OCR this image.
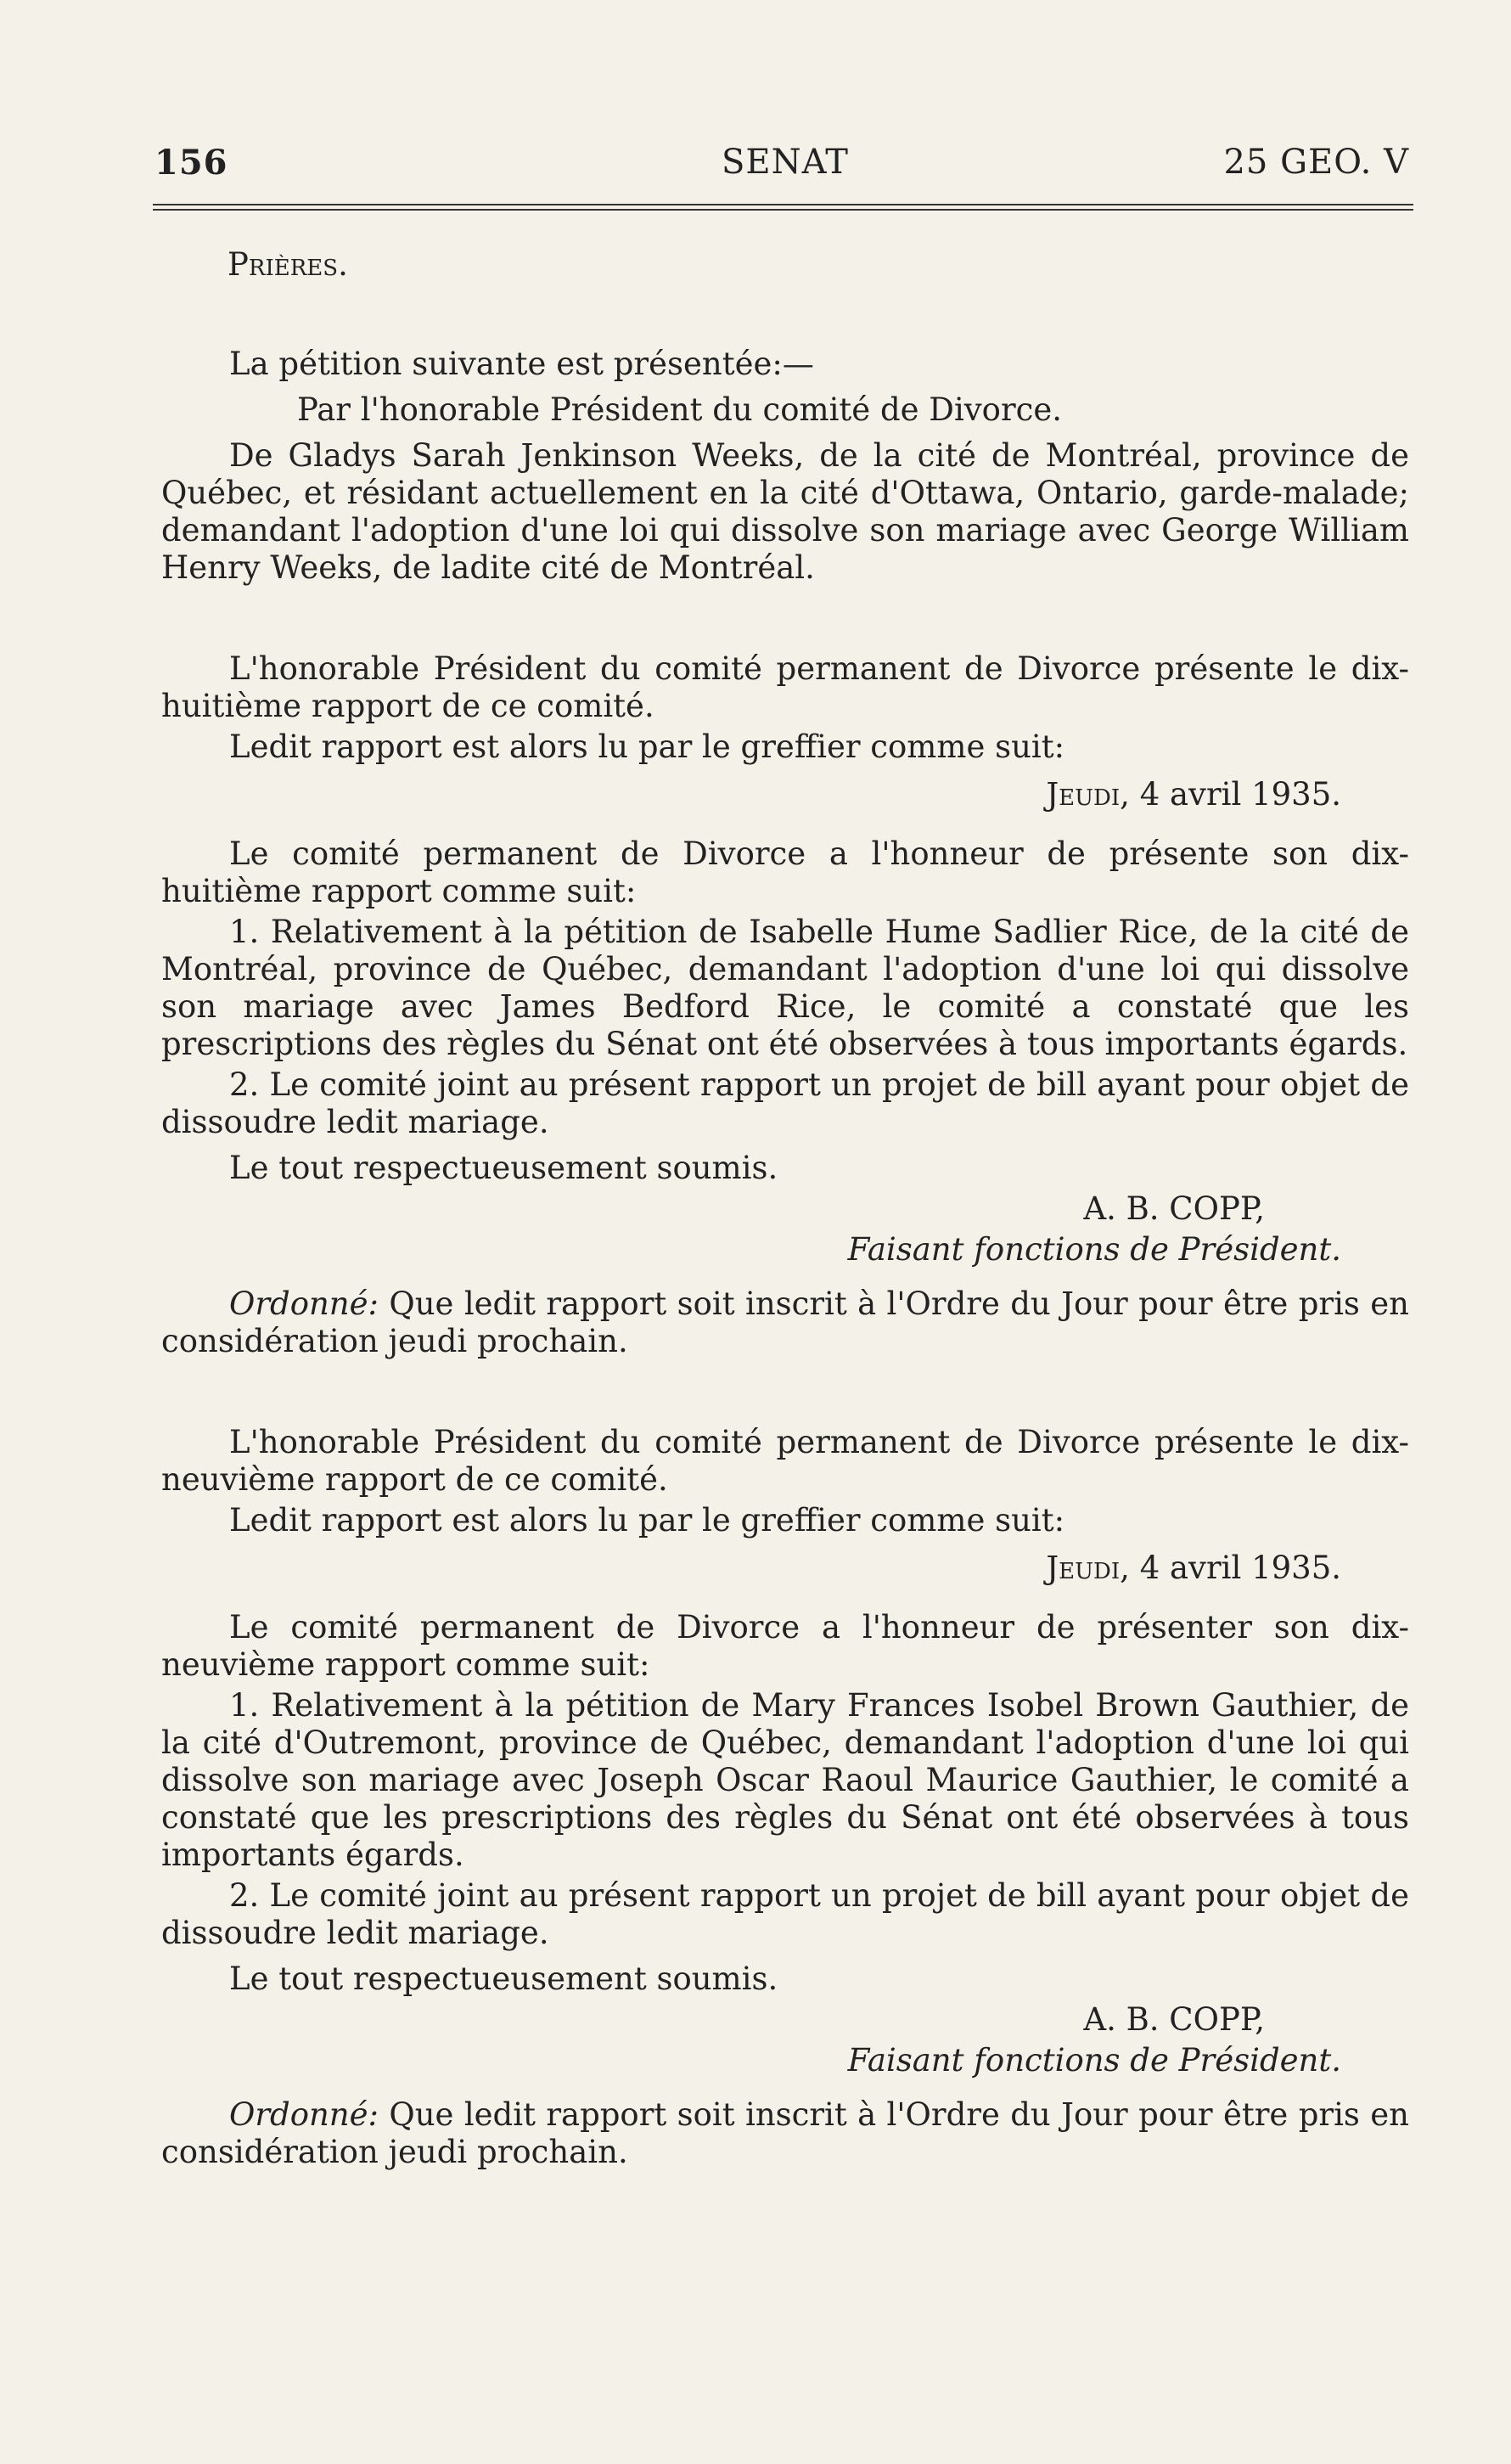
156	SENAT	25 GEO. V

Prières.

La pétition suivante est présentée:—

Par l'honorable Président du comité de Divorce.

De Gladys Sarah Jenkinson Weeks, de la cité de Montréal, province de Québec, et résidant actuellement en la cité d'Ottawa, Ontario, garde-malade; demandant l'adoption d'une loi qui dissolve son mariage avec George William Henry Weeks, de ladite cité de Montréal.

L'honorable Président du comité permanent de Divorce présente le dix-huitième rapport de ce comité.

Ledit rapport est alors lu par le greffier comme suit:

Jeudi, 4 avril 1935.

Le comité permanent de Divorce a l'honneur de présente son dix-huitième rapport comme suit:

1. Relativement à la pétition de Isabelle Hume Sadlier Rice, de la cité de Montréal, province de Québec, demandant l'adoption d'une loi qui dissolve son mariage avec James Bedford Rice, le comité a constaté que les prescriptions des règles du Sénat ont été observées à tous importants égards.

2. Le comité joint au présent rapport un projet de bill ayant pour objet de dissoudre ledit mariage.

Le tout respectueusement soumis.

A. B. COPP,

Faisant fonctions de Président.

Ordonné: Que ledit rapport soit inscrit à l'Ordre du Jour pour être pris en considération jeudi prochain.

L'honorable Président du comité permanent de Divorce présente le dix-neuvième rapport de ce comité.

Ledit rapport est alors lu par le greffier comme suit:

Jeudi, 4 avril 1935.

Le comité permanent de Divorce a l'honneur de présenter son dix-neuvième rapport comme suit:

1. Relativement à la pétition de Mary Frances Isobel Brown Gauthier, de la cité d'Outremont, province de Québec, demandant l'adoption d'une loi qui dissolve son mariage avec Joseph Oscar Raoul Maurice Gauthier, le comité a constaté que les prescriptions des règles du Sénat ont été observées à tous importants égards.

2. Le comité joint au présent rapport un projet de bill ayant pour objet de dissoudre ledit mariage.

Le tout respectueusement soumis.

A. B. COPP,

Faisant fonctions de Président.

Ordonné: Que ledit rapport soit inscrit à l'Ordre du Jour pour être pris en considération jeudi prochain.
